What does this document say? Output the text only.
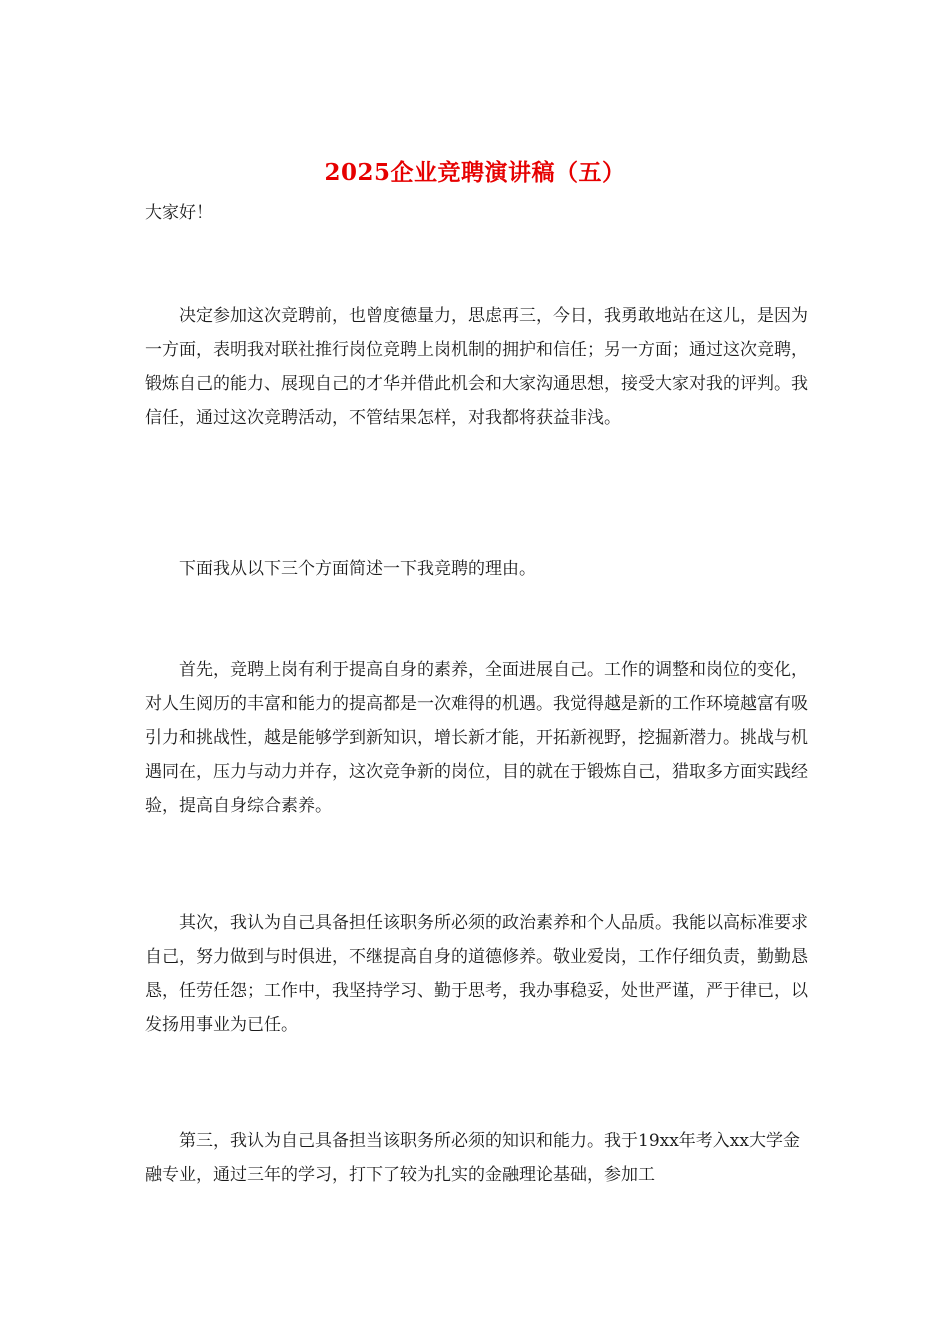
2025企业竞聘演讲稿（五）

大家好！

决定参加这次竞聘前，也曾度德量力，思虑再三，今日，我勇敢地站在这儿，是因为一方面，表明我对联社推行岗位竞聘上岗机制的拥护和信任；另一方面；通过这次竞聘，锻炼自己的能力、展现自己的才华并借此机会和大家沟通思想，接受大家对我的评判。我信任，通过这次竞聘活动，不管结果怎样，对我都将获益非浅。

下面我从以下三个方面简述一下我竞聘的理由。

首先，竞聘上岗有利于提高自身的素养，全面进展自己。工作的调整和岗位的变化，对人生阅历的丰富和能力的提高都是一次难得的机遇。我觉得越是新的工作环境越富有吸引力和挑战性，越是能够学到新知识，增长新才能，开拓新视野，挖掘新潜力。挑战与机遇同在，压力与动力并存，这次竞争新的岗位，目的就在于锻炼自己，猎取多方面实践经验，提高自身综合素养。

其次，我认为自己具备担任该职务所必须的政治素养和个人品质。我能以高标准要求自己，努力做到与时俱进，不继提高自身的道德修养。敬业爱岗，工作仔细负责，勤勤恳恳，任劳任怨；工作中，我坚持学习、勤于思考，我办事稳妥，处世严谨，严于律已，以发扬用事业为已任。

第三，我认为自己具备担当该职务所必须的知识和能力。我于19xx年考入xx大学金融专业，通过三年的学习，打下了较为扎实的金融理论基础，参加工
